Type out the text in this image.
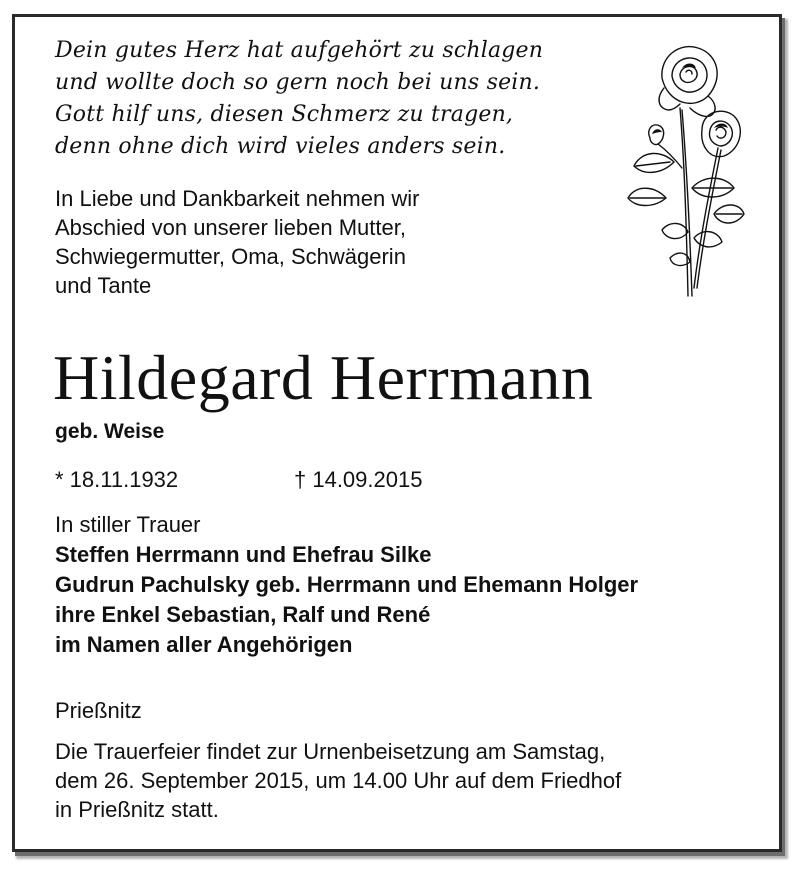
Dein gutes Herz hat aufgehört zu schlagen
und wollte doch so gern noch bei uns sein.
Gott hilf uns, diesen Schmerz zu tragen,
denn ohne dich wird vieles anders sein.
In Liebe und Dankbarkeit nehmen wir
Abschied von unserer lieben Mutter,
Schwiegermutter, Oma, Schwägerin
und Tante
Hildegard Herrmann
geb. Weise
* 18.11.1932	† 14.09.2015
In stiller Trauer
Steffen Herrmann und Ehefrau Silke
Gudrun Pachulsky geb. Herrmann und Ehemann Holger
ihre Enkel Sebastian, Ralf und René
im Namen aller Angehörigen
Prießnitz
Die Trauerfeier findet zur Urnenbeisetzung am Samstag,
dem 26. September 2015, um 14.00 Uhr auf dem Friedhof
in Prießnitz statt.
